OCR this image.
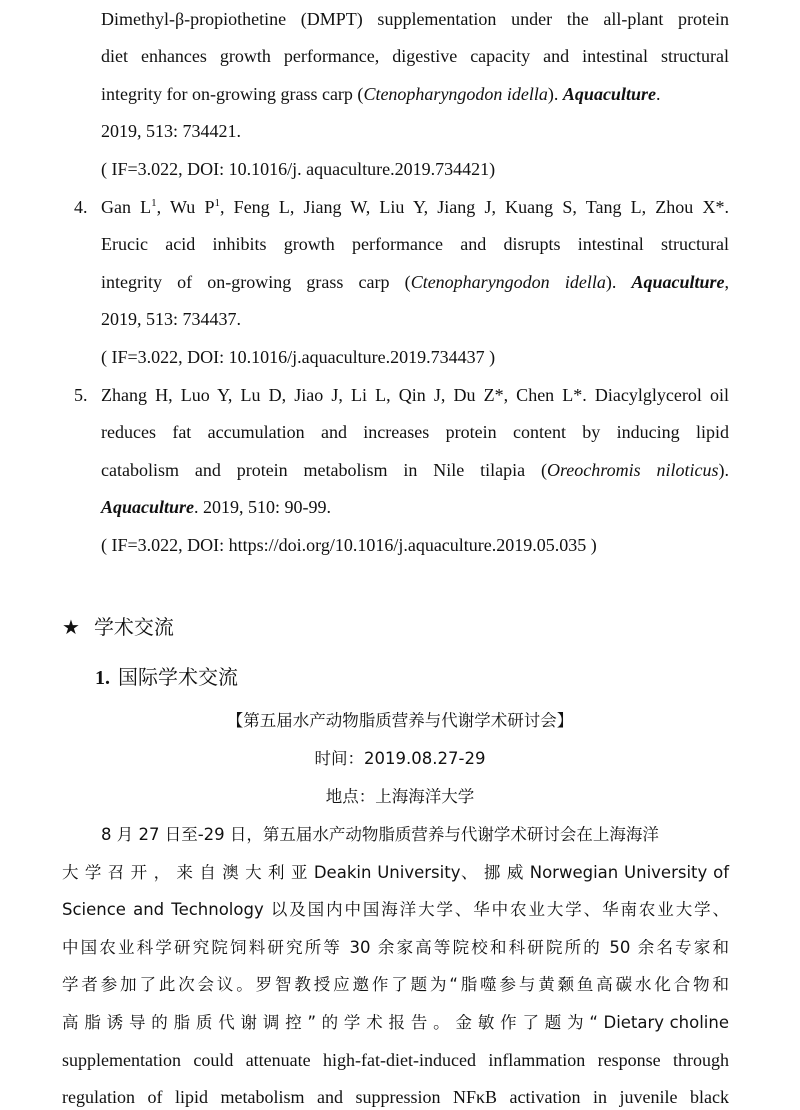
Dimethyl-β-propiothetine (DMPT) supplementation under the all-plant protein
diet enhances growth performance, digestive capacity and intestinal structural
integrity for on-growing grass carp (Ctenopharyngodon idella). Aquaculture.
2019, 513: 734421.
( IF=3.022, DOI: 10.1016/j. aquaculture.2019.734421)
4. Gan $L^1$, Wu $P^1$, Feng L, Jiang W, Liu Y, Jiang J, Kuang S, Tang L, Zhou X*.
Erucic acid inhibits growth performance and disrupts intestinal structural
integrity of on-growing grass carp (Ctenopharyngodon idella). Aquaculture,
2019, 513: 734437.
( IF=3.022, DOI: 10.1016/j.aquaculture.2019.734437 )
5. Zhang H, Luo Y, Lu D, Jiao J, Li L, Qin J, Du Z*, Chen L*. Diacylglycerol oil
reduces fat accumulation and increases protein content by inducing lipid
catabolism and protein metabolism in Nile tilapia (Oreochromis niloticus).
Aquaculture. 2019, 510: 90-99.
( IF=3.022, DOI: https://doi.org/10.1016/j.aquaculture.2019.05.035 )
★ 学术交流
1. 国际学术交流
【第五届水产动物脂质营养与代谢学术研讨会】
时间：2019.08.27-29
地点：上海海洋大学
8 月 27 日至-29 日，第五届水产动物脂质营养与代谢学术研讨会在上海海洋
大 学 召 开 ， 来 自 澳 大 利 亚 Deakin University、 挪 威 Norwegian University of
Science and Technology 以及国内中国海洋大学、华中农业大学、华南农业大学、
中国农业科学研究院饲料研究所等 30 余家高等院校和科研院所的 50 余名专家和
学者参加了此次会议。罗智教授应邀作了题为“脂噬参与黄颡鱼高碳水化合物和
高 脂 诱 导 的 脂 质 代 谢 调 控 ” 的 学 术 报 告 。 金 敏 作 了 题 为 “ Dietary choline
supplementation could attenuate high-fat-diet-induced inflammation response through
regulation of lipid metabolism and suppression NFκB activation in juvenile black
